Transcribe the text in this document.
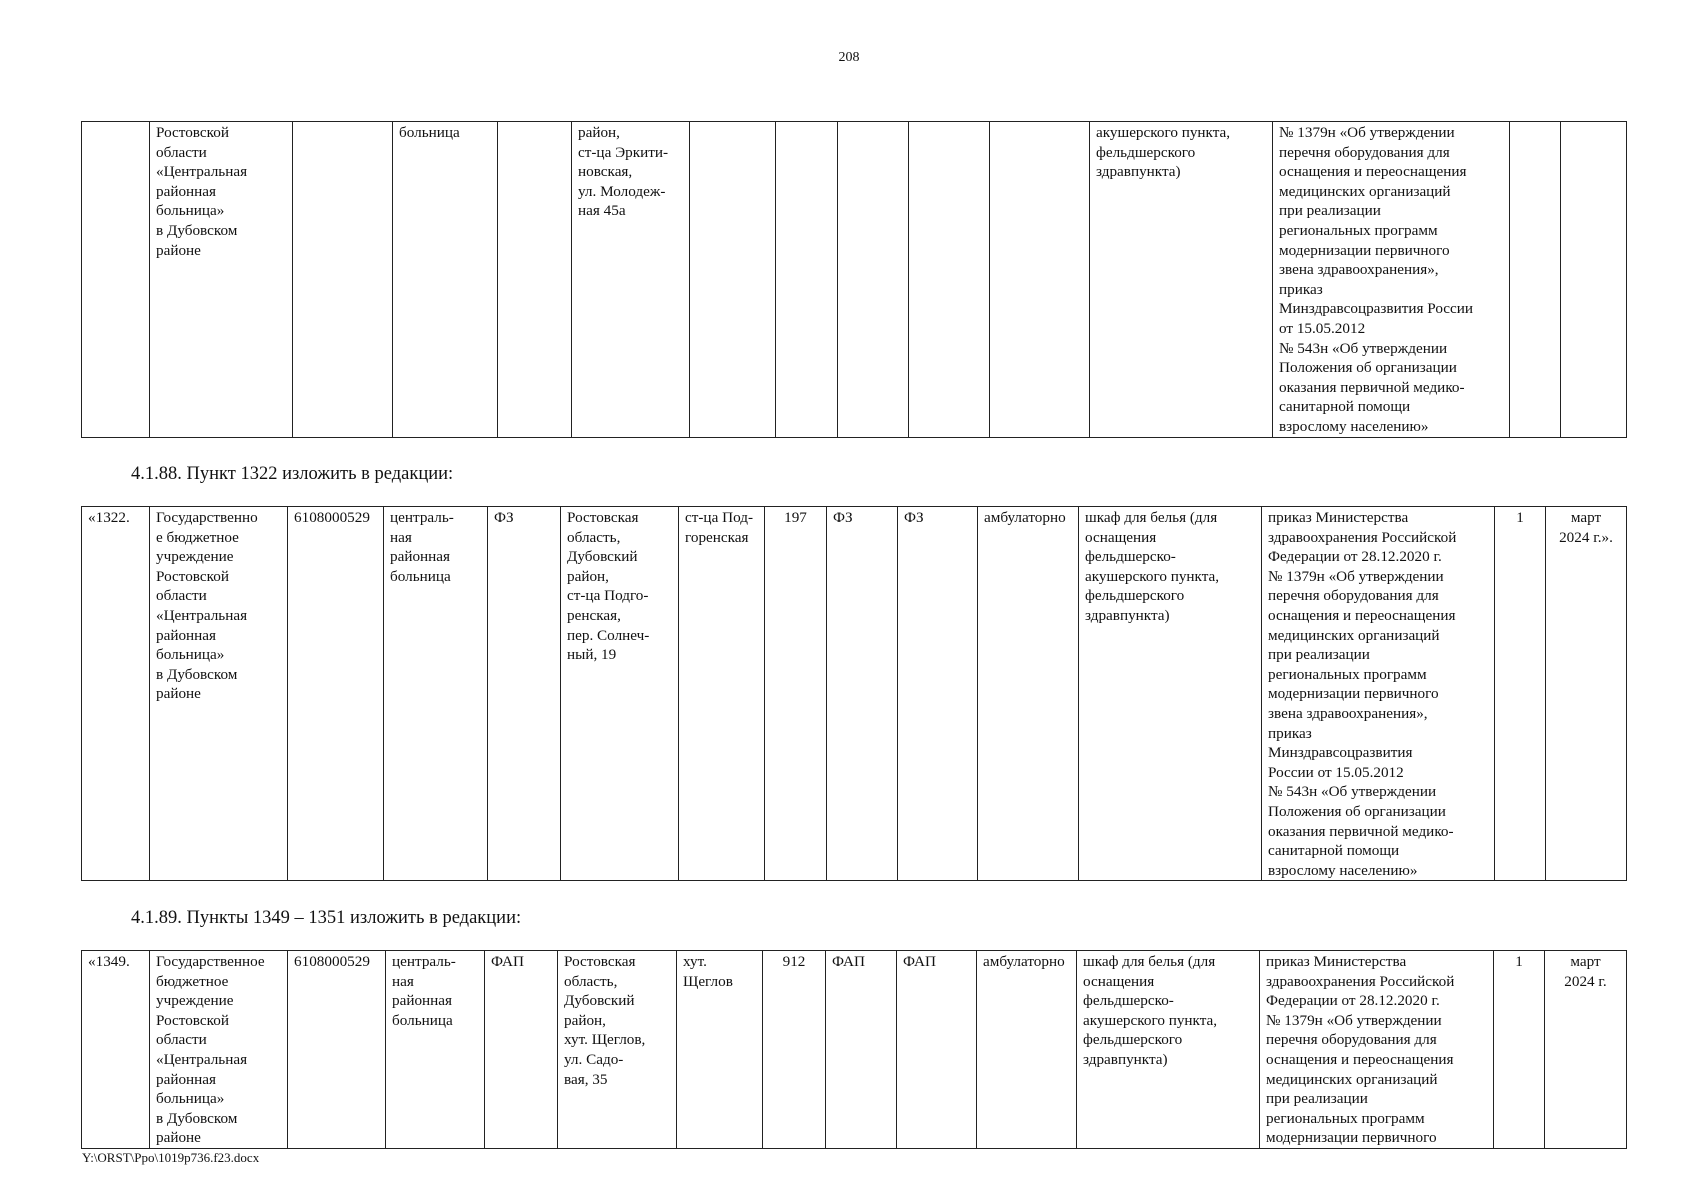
208
	Ростовской
области
«Центральная
районная
больница»
в Дубовском
районе		больница		район,
ст-ца Эркити-
новская,
ул. Молодеж-
ная 45а						акушерского пункта,
фельдшерского
здравпункта)	№ 1379н «Об утверждении
перечня оборудования для
оснащения и переоснащения
медицинских организаций
при реализации
региональных программ
модернизации первичного
звена здравоохранения»,
приказ
Минздравсоцразвития России
от 15.05.2012
№ 543н «Об утверждении
Положения об организации
оказания первичной медико-
санитарной помощи
взрослому населению»		
4.1.88. Пункт 1322 изложить в редакции:
«1322.	Государственно
е бюджетное
учреждение
Ростовской
области
«Центральная
районная
больница»
в Дубовском
районе	6108000529	централь-
ная
районная
больница	ФЗ	Ростовская
область,
Дубовский
район,
ст-ца Подго-
ренская,
пер. Солнеч-
ный, 19	ст-ца Под-
горенская	197	ФЗ	ФЗ	амбулаторно	шкаф для белья (для
оснащения
фельдшерско-
акушерского пункта,
фельдшерского
здравпункта)	приказ Министерства
здравоохранения Российской
Федерации от 28.12.2020 г.
№ 1379н «Об утверждении
перечня оборудования для
оснащения и переоснащения
медицинских организаций
при реализации
региональных программ
модернизации первичного
звена здравоохранения»,
приказ
Минздравсоцразвития
России от 15.05.2012
№ 543н «Об утверждении
Положения об организации
оказания первичной медико-
санитарной помощи
взрослому населению»	1	март
2024 г.».
4.1.89. Пункты 1349 – 1351 изложить в редакции:
«1349.	Государственное
бюджетное
учреждение
Ростовской
области
«Центральная
районная
больница»
в Дубовском
районе	6108000529	централь-
ная
районная
больница	ФАП	Ростовская
область,
Дубовский
район,
хут. Щеглов,
ул. Садо-
вая, 35	хут.
Щеглов	912	ФАП	ФАП	амбулаторно	шкаф для белья (для
оснащения
фельдшерско-
акушерского пункта,
фельдшерского
здравпункта)	приказ Министерства
здравоохранения Российской
Федерации от 28.12.2020 г.
№ 1379н «Об утверждении
перечня оборудования для
оснащения и переоснащения
медицинских организаций
при реализации
региональных программ
модернизации первичного	1	март
2024 г.
Y:\ORST\Ppo\1019p736.f23.docx
